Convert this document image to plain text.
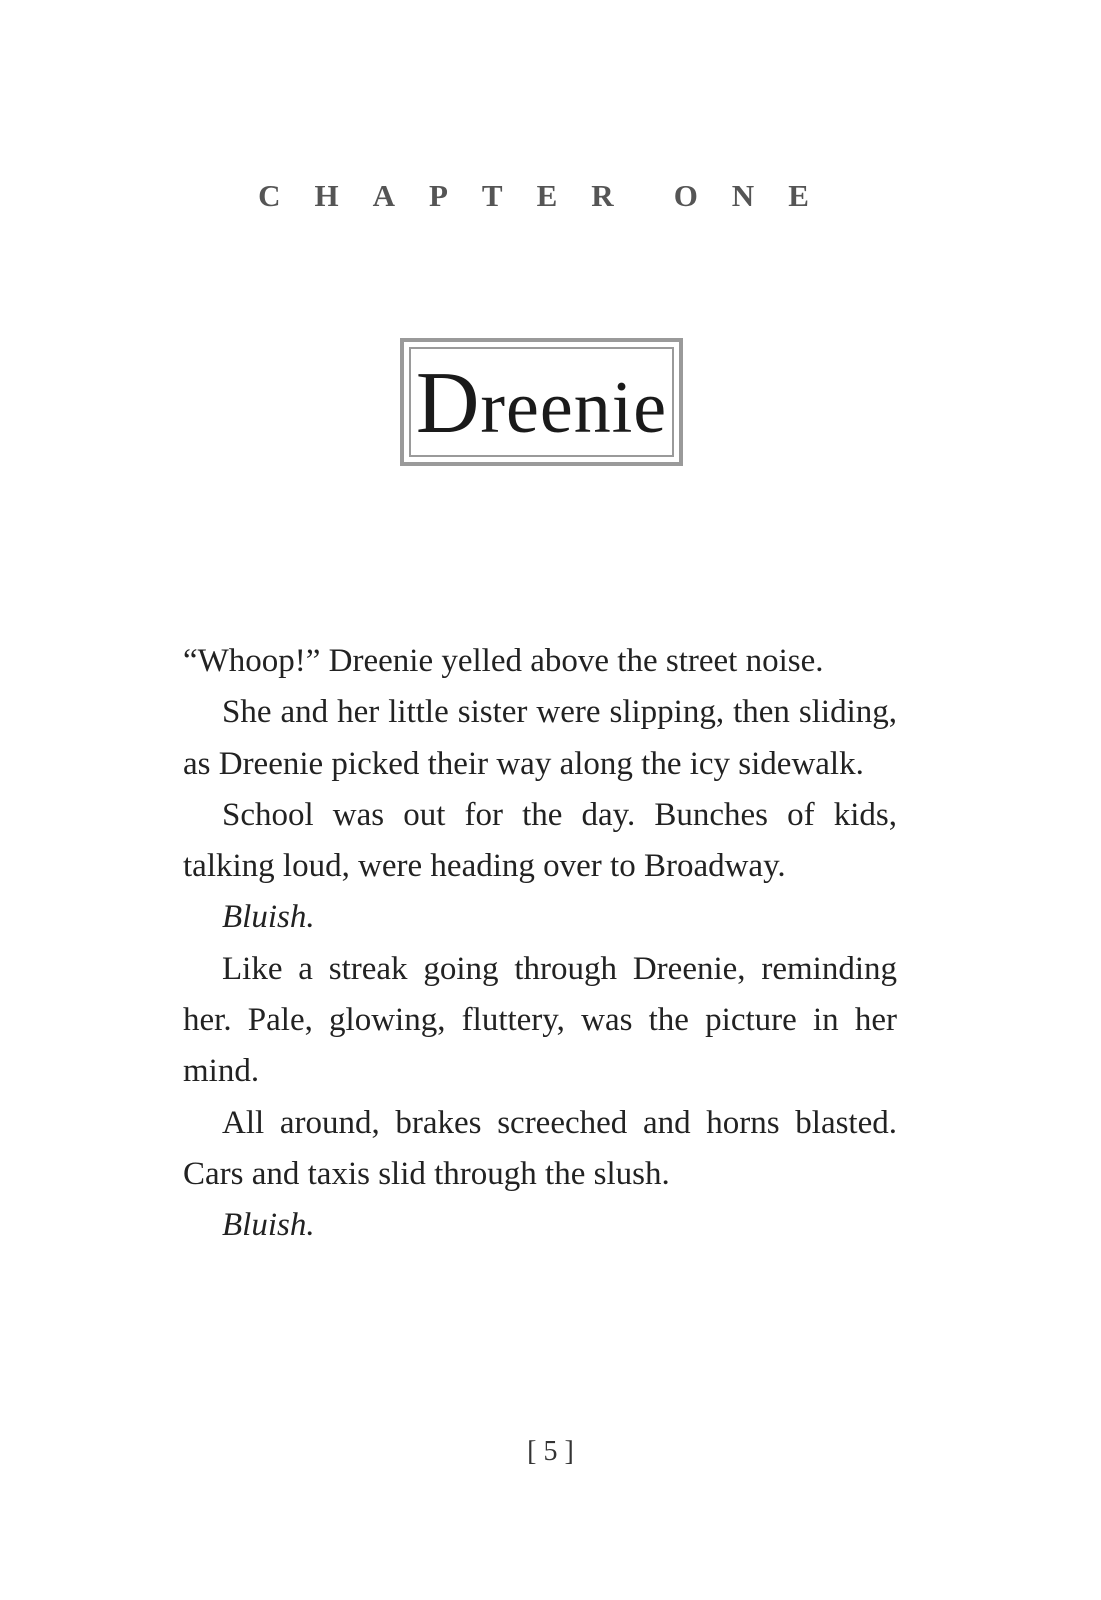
CHAPTER ONE
Dreenie

“Whoop!” Dreenie yelled above the street noise.

She and her little sister were slipping, then sliding, as Dreenie picked their way along the icy sidewalk.

School was out for the day. Bunches of kids, talking loud, were heading over to Broadway.

Bluish.

Like a streak going through Dreenie, reminding her. Pale, glowing, fluttery, was the picture in her mind.

All around, brakes screeched and horns blasted. Cars and taxis slid through the slush.

Bluish.

[ 5 ]
